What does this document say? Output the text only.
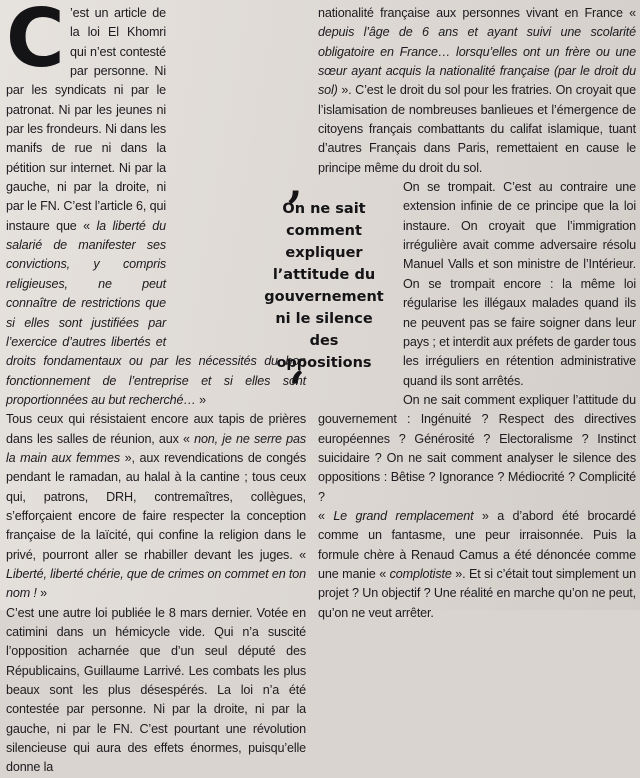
C ’est un article de la loi El Khomri qui n’est contesté par personne. Ni par les syndicats ni par le patronat. Ni par les jeunes ni par les frondeurs. Ni dans les manifs de rue ni dans la pétition sur internet. Ni par la gauche, ni par la droite, ni par le FN. C’est l’article 6, qui instaure que « la liberté du salarié de manifester ses convictions, y compris religieuses, ne peut connaître de restrictions que si elles sont justifiées par l’exercice d’autres libertés et droits fondamentaux ou par les nécessités du bon fonctionnement de l’entreprise et si elles sont proportionnées au but recherché… »

Tous ceux qui résistaient encore aux tapis de prières dans les salles de réunion, aux « non, je ne serre pas la main aux femmes », aux revendications de congés pendant le ramadan, au halal à la cantine ; tous ceux qui, patrons, DRH, contremaîtres, collègues, s’efforçaient encore de faire respecter la conception française de la laïcité, qui confine la religion dans le privé, pourront aller se rhabiller devant les juges. « Liberté, liberté chérie, que de crimes on commet en ton nom ! »

C’est une autre loi publiée le 8 mars dernier. Votée en catimini dans un hémicycle vide. Qui n’a suscité l’opposition acharnée que d’un seul député des Républicains, Guillaume Larrivé. Les combats les plus beaux sont les plus désespérés. La loi n’a été contestée par personne. Ni par la droite, ni par la gauche, ni par le FN. C’est pourtant une révolution silencieuse qui aura des effets énormes, puisqu’elle donne la

nationalité française aux personnes vivant en France « depuis l’âge de 6 ans et ayant suivi une scolarité obligatoire en France… lorsqu’elles ont un frère ou une sœur ayant acquis la nationalité française (par le droit du sol) ». C’est le droit du sol pour les fratries. On croyait que l’islamisation de nombreuses banlieues et l’émergence de citoyens français combattants du califat islamique, tuant d’autres Français dans Paris, remettaient en cause le principe même du droit du sol.

On se trompait. C’est au contraire une extension infinie de ce principe que la loi instaure. On croyait que l’immigration irrégulière avait comme adversaire résolu Manuel Valls et son ministre de l’Intérieur. On se trompait encore : la même loi régularise les illégaux malades quand ils ne peuvent pas se faire soigner dans leur pays ; et interdit aux préfets de garder tous les irréguliers en rétention administrative quand ils sont arrêtés.

On ne sait comment expliquer l’attitude du gouvernement : Ingénuité ? Respect des directives européennes ? Générosité ? Electoralisme ? Instinct suicidaire ? On ne sait comment analyser le silence des oppositions : Bêtise ? Ignorance ? Médiocrité ? Complicité ?

« Le grand remplacement » a d’abord été brocardé comme un fantasme, une peur irraisonnée. Puis la formule chère à Renaud Camus a été dénoncée comme une manie « complotiste ». Et si c’était tout simplement un projet ? Un objectif ? Une réalité en marche qu’on ne peut, qu’on ne veut arrêter.

,
On ne sait comment expliquer l’attitude du gouvernement ni le silence des oppositions
,
